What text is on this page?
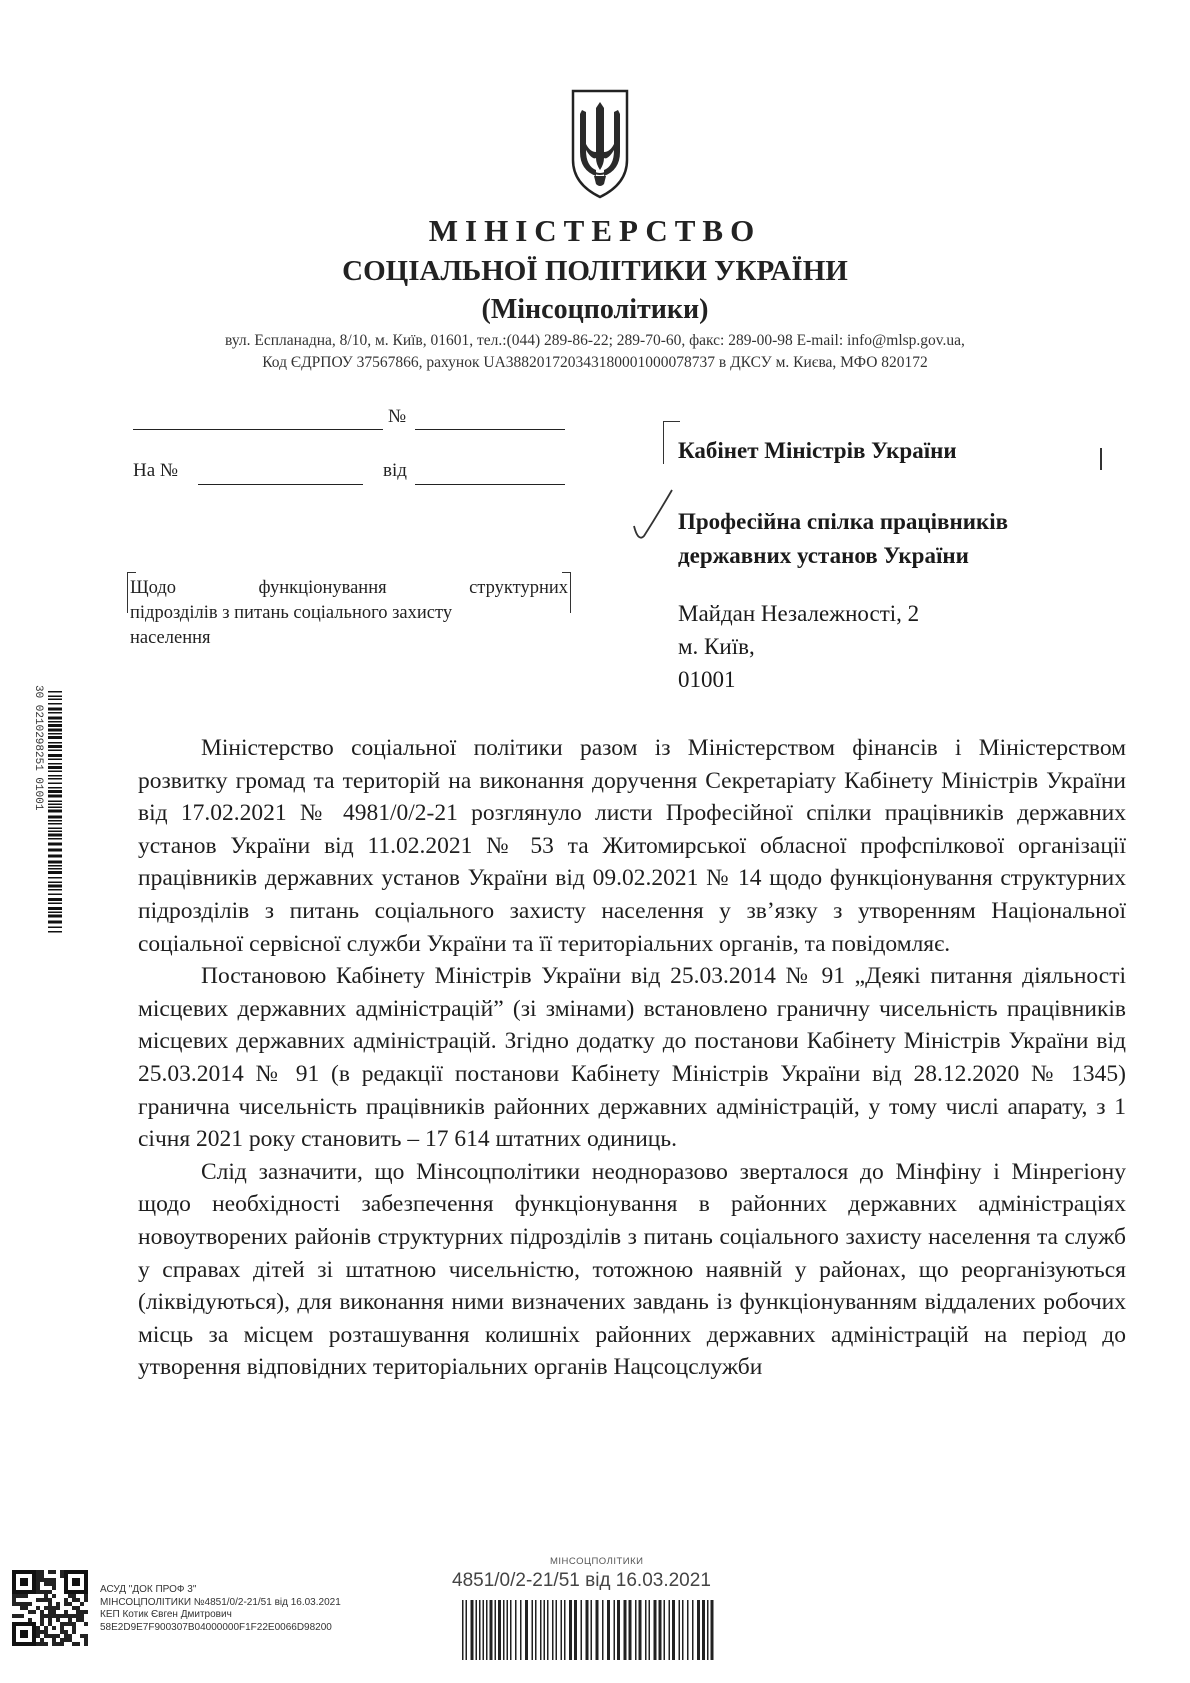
МІНІСТЕРСТВО
СОЦІАЛЬНОЇ ПОЛІТИКИ УКРАЇНИ
(Мінсоцполітики)
вул. Еспланадна, 8/10, м. Київ, 01601, тел.:(044) 289-86-22; 289-70-60, факс: 289-00-98 E-mail: info@mlsp.gov.ua,
Код ЄДРПОУ 37567866, рахунок UA388201720343180001000078737 в ДКСУ м. Києва, МФО 820172
№
На №	від
Щодо	функціонування	структурних
підрозділів з питань соціального захисту
населення
Кабінет Міністрів України
Професійна спілка працівників
державних установ України
Майдан Незалежності, 2
м. Київ,
01001
30 0210298251 01001	Міністерство соціальної політики разом із Міністерством фінансів і Міністерством розвитку громад та територій на виконання доручення Секретаріату Кабінету Міністрів України від 17.02.2021 № 4981/0/2-21 розглянуло листи Професійної спілки працівників державних установ України від 11.02.2021 № 53 та Житомирської обласної профспілкової організації працівників державних установ України від 09.02.2021 № 14 щодо функціонування структурних підрозділів з питань соціального захисту населення у зв’язку з утворенням Національної соціальної сервісної служби України та її територіальних органів, та повідомляє.

Постановою Кабінету Міністрів України від 25.03.2014 № 91 „Деякі питання діяльності місцевих державних адміністрацій” (зі змінами) встановлено граничну чисельність працівників місцевих державних адміністрацій. Згідно додатку до постанови Кабінету Міністрів України від 25.03.2014 № 91 (в редакції постанови Кабінету Міністрів України від 28.12.2020 № 1345) гранична чисельність працівників районних державних адміністрацій, у тому числі апарату, з 1 січня 2021 року становить – 17 614 штатних одиниць.

Слід зазначити, що Мінсоцполітики неодноразово зверталося до Мінфіну і Мінрегіону щодо необхідності забезпечення функціонування в районних державних адміністраціях новоутворених районів структурних підрозділів з питань соціального захисту населення та служб у справах дітей зі штатною чисельністю, тотожною наявній у районах, що реорганізуються (ліквідуються), для виконання ними визначених завдань із функціонуванням віддалених робочих місць за місцем розташування колишніх районних державних адміністрацій на період до утворення відповідних територіальних органів Нацсоцслужби

АСУД "ДОК ПРОФ 3"
МІНСОЦПОЛІТИКИ №4851/0/2-21/51 від 16.03.2021
КЕП Котик Євген Дмитрович
58E2D9E7F900307B04000000F1F22E0066D98200
МІНСОЦПОЛІТИКИ
4851/0/2-21/51 від 16.03.2021
